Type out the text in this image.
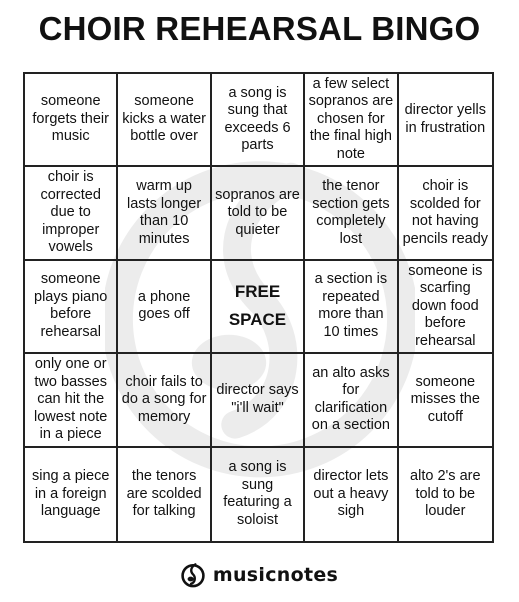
CHOIR REHEARSAL BINGO
someone forgets their music
someone kicks a water bottle over
a song is sung that exceeds 6 parts
a few select sopranos are chosen for the final high note
director yells in frustration
choir is corrected due to improper vowels
warm up lasts longer than 10 minutes
sopranos are told to be quieter
the tenor section gets completely lost
choir is scolded for not having pencils ready
someone plays piano before rehearsal
a phone goes off
FREE
SPACE
a section is repeated more than 10 times
someone is scarfing down food before rehearsal
only one or two basses can hit the lowest note in a piece
choir fails to do a song for memory
director says "i'll wait"
an alto asks for clarification on a section
someone misses the cutoff
sing a piece in a foreign language
the tenors are scolded for talking
a song is sung featuring a soloist
director lets out a heavy sigh
alto 2's are told to be louder
musicnotes
